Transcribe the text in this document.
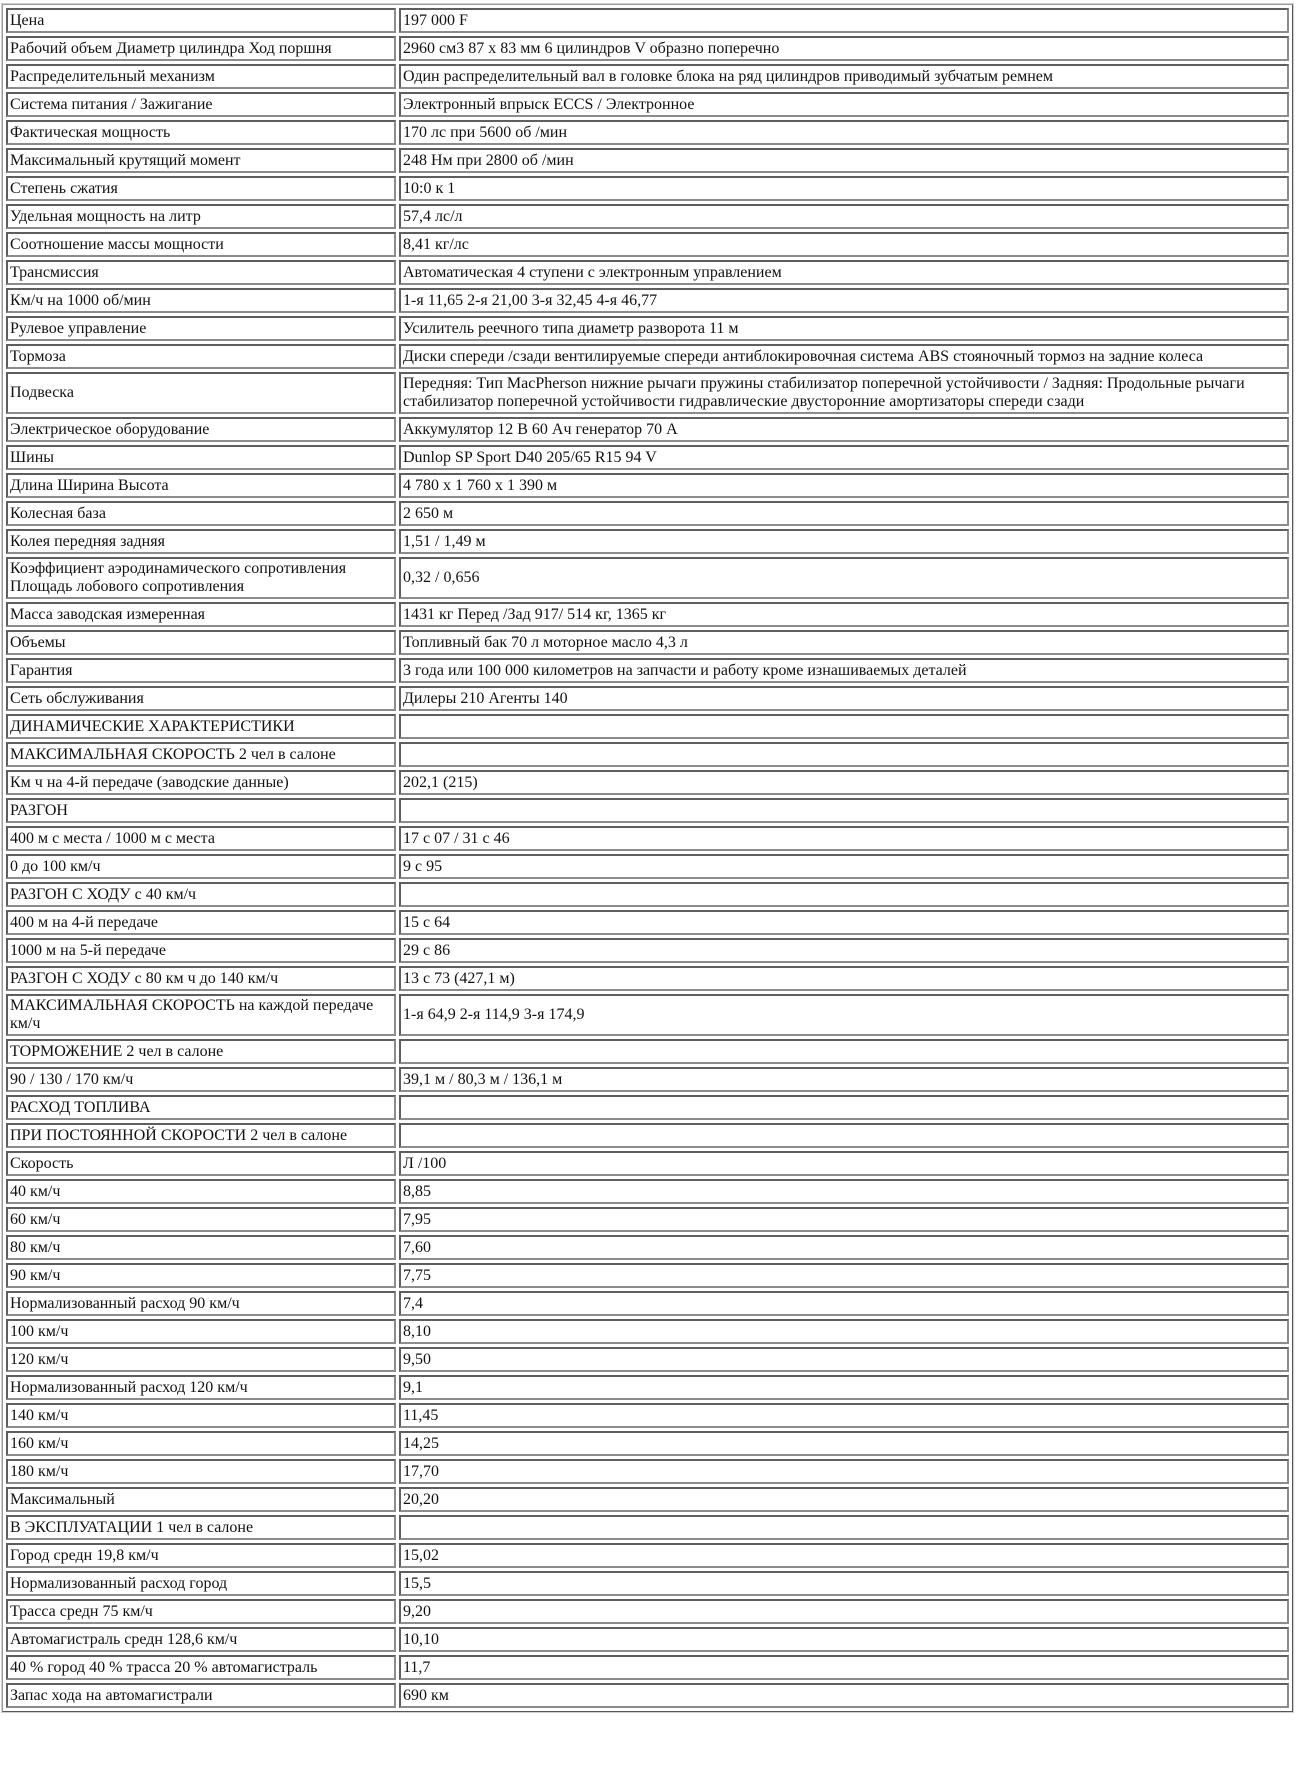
Цена	197 000 F
Рабочий объем Диаметр цилиндра Ход поршня	2960 см3 87 x 83 мм 6 цилиндров V образно поперечно
Распределительный механизм	Один распределительный вал в головке блока на ряд цилиндров приводимый зубчатым ремнем
Система питания / Зажигание	Электронный впрыск ECCS / Электронное
Фактическая мощность	170 лс при 5600 об /мин
Максимальный крутящий момент	248 Нм при 2800 об /мин
Степень сжатия	10:0 к 1
Удельная мощность на литр	57,4 лс/л
Соотношение массы мощности	8,41 кг/лс
Трансмиссия	Автоматическая 4 ступени с электронным управлением
Км/ч на 1000 об/мин	1-я 11,65 2-я 21,00 3-я 32,45 4-я 46,77
Рулевое управление	Усилитель реечного типа диаметр разворота 11 м
Тормоза	Диски спереди /сзади вентилируемые спереди антиблокировочная система ABS стояночный тормоз на задние колеса
Подвеска	Передняя: Тип MacPherson нижние рычаги пружины стабилизатор поперечной устойчивости / Задняя: Продольные рычаги стабилизатор поперечной устойчивости гидравлические двусторонние амортизаторы спереди сзади
Электрическое оборудование	Аккумулятор 12 В 60 Ач генератор 70 А
Шины	Dunlop SP Sport D40 205/65 R15 94 V
Длина Ширина Высота	4 780 x 1 760 x 1 390 м
Колесная база	2 650 м
Колея передняя задняя	1,51 / 1,49 м
Коэффициент аэродинамического сопротивления Площадь лобового сопротивления	0,32 / 0,656
Масса заводская измеренная	1431 кг Перед /Зад 917/ 514 кг, 1365 кг
Объемы	Топливный бак 70 л моторное масло 4,3 л
Гарантия	3 года или 100 000 километров на запчасти и работу кроме изнашиваемых деталей
Сеть обслуживания	Дилеры 210 Агенты 140
ДИНАМИЧЕСКИЕ ХАРАКТЕРИСТИКИ	
МАКСИМАЛЬНАЯ СКОРОСТЬ 2 чел в салоне	
Км ч на 4-й передаче (заводские данные)	202,1 (215)
РАЗГОН	
400 м с места / 1000 м с места	17 с 07 / 31 с 46
0 до 100 км/ч	9 с 95
РАЗГОН С ХОДУ с 40 км/ч	
400 м на 4-й передаче	15 с 64
1000 м на 5-й передаче	29 с 86
РАЗГОН С ХОДУ с 80 км ч до 140 км/ч	13 с 73 (427,1 м)
МАКСИМАЛЬНАЯ СКОРОСТЬ на каждой передаче км/ч	1-я 64,9 2-я 114,9 3-я 174,9
ТОРМОЖЕНИЕ 2 чел в салоне	
90 / 130 / 170 км/ч	39,1 м / 80,3 м / 136,1 м
РАСХОД ТОПЛИВА	
ПРИ ПОСТОЯННОЙ СКОРОСТИ 2 чел в салоне	
Скорость	Л /100
40 км/ч	8,85
60 км/ч	7,95
80 км/ч	7,60
90 км/ч	7,75
Нормализованный расход 90 км/ч	7,4
100 км/ч	8,10
120 км/ч	9,50
Нормализованный расход 120 км/ч	9,1
140 км/ч	11,45
160 км/ч	14,25
180 км/ч	17,70
Максимальный	20,20
В ЭКСПЛУАТАЦИИ 1 чел в салоне	
Город средн 19,8 км/ч	15,02
Нормализованный расход город	15,5
Трасса средн 75 км/ч	9,20
Автомагистраль средн 128,6 км/ч	10,10
40 % город 40 % трасса 20 % автомагистраль	11,7
Запас хода на автомагистрали	690 км
